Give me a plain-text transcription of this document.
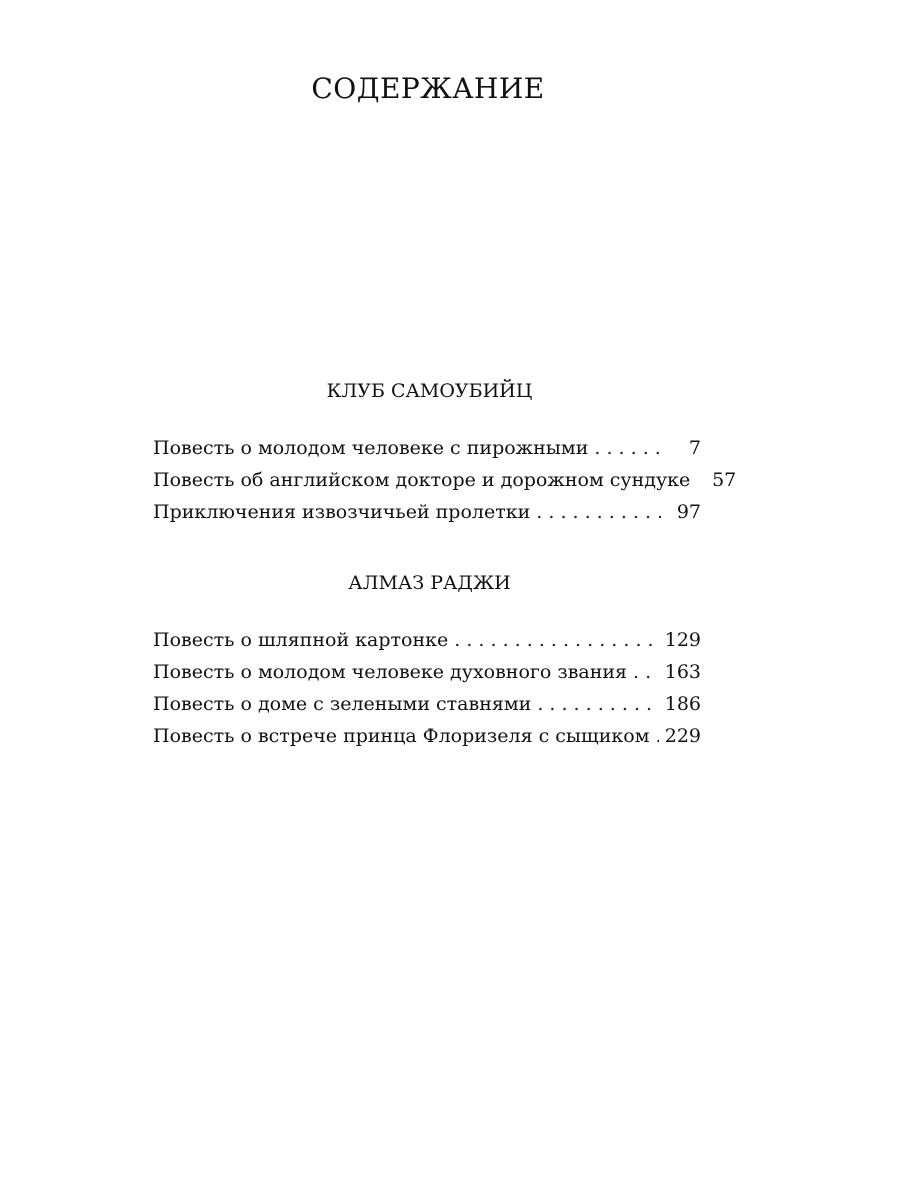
СОДЕРЖАНИЕ
КЛУБ САМОУБИЙЦ
Повесть о молодом человеке с пирожными . . .	7
Повесть об английском докторе и дорожном сундуке	57
Приключения извозчичьей пролетки . . .	97
АЛМАЗ РАДЖИ
Повесть о шляпной картонке . . .	129
Повесть о молодом человеке духовного звания . . . 163
Повесть о доме с зелеными ставнями . . .	186
Повесть о встрече принца Флоризеля с сыщиком . . . 229
